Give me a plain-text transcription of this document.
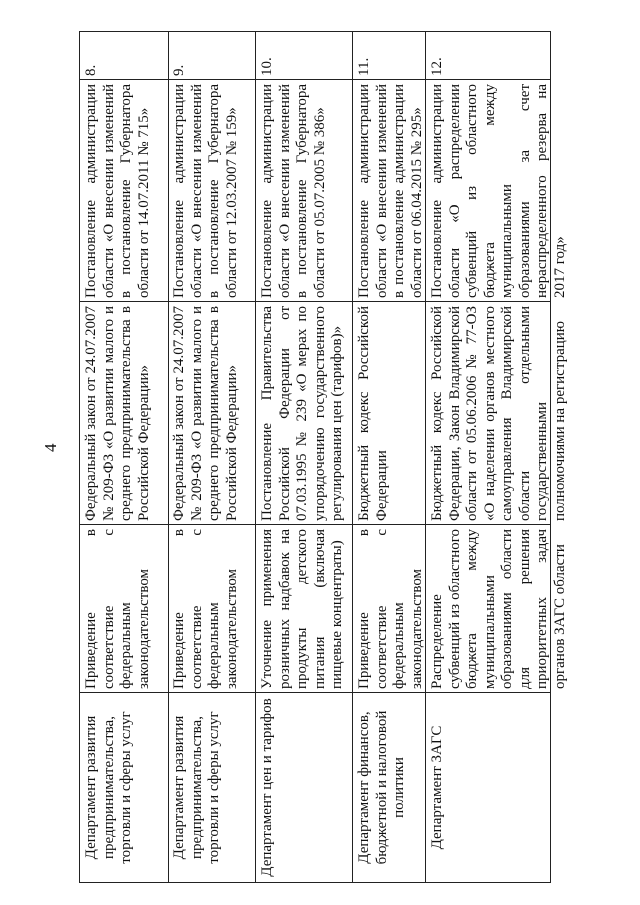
4
8.
Постановление администрации области «О внесении изменений в постановление Губернатора области от 14.07.2011 № 715»
Федеральный закон от 24.07.2007 № 209-ФЗ «О развитии малого и среднего предпринимательства в Российской Федерации»
Приведение в соответствие с федеральным законодательством
Департамент развития предпринимательства, торговли и сферы услуг
9.
Постановление администрации области «О внесении изменений в постановление Губернатора области от 12.03.2007 № 159»
Федеральный закон от 24.07.2007 № 209-ФЗ «О развитии малого и среднего предпринимательства в Российской Федерации»
Приведение в соответствие с федеральным законодательством
Департамент развития предпринимательства, торговли и сферы услуг
10.
Постановление администрации области «О внесении изменений в постановление Губернатора области от 05.07.2005 № 386»
Постановление Правительства Российской Федерации от 07.03.1995 № 239 «О мерах по упорядочению государственного регулирования цен (тарифов)»
Уточнение применения розничных надбавок на продукты детского питания (включая пищевые концентраты)
Департамент цен и тарифов
11.
Постановление администрации области «О внесении изменений в постановление администрации области от 06.04.2015 № 295»
Бюджетный кодекс Российской Федерации
Приведение в соответствие с федеральным законодательством
Департамент финансов, бюджетной и налоговой политики
12.
Постановление администрации области «О распределении субвенций из областного бюджета между муниципальными образованиями за счет нераспределенного резерва на 2017 год»
Бюджетный кодекс Российской Федерации, Закон Владимирской области от 05.06.2006 № 77-ОЗ «О наделении органов местного самоуправления Владимирской области отдельными государственными полномочиями на регистрацию
Распределение субвенций из областного бюджета между муниципальными образованиями области для решения приоритетных задач органов ЗАГС области
Департамент ЗАГС
